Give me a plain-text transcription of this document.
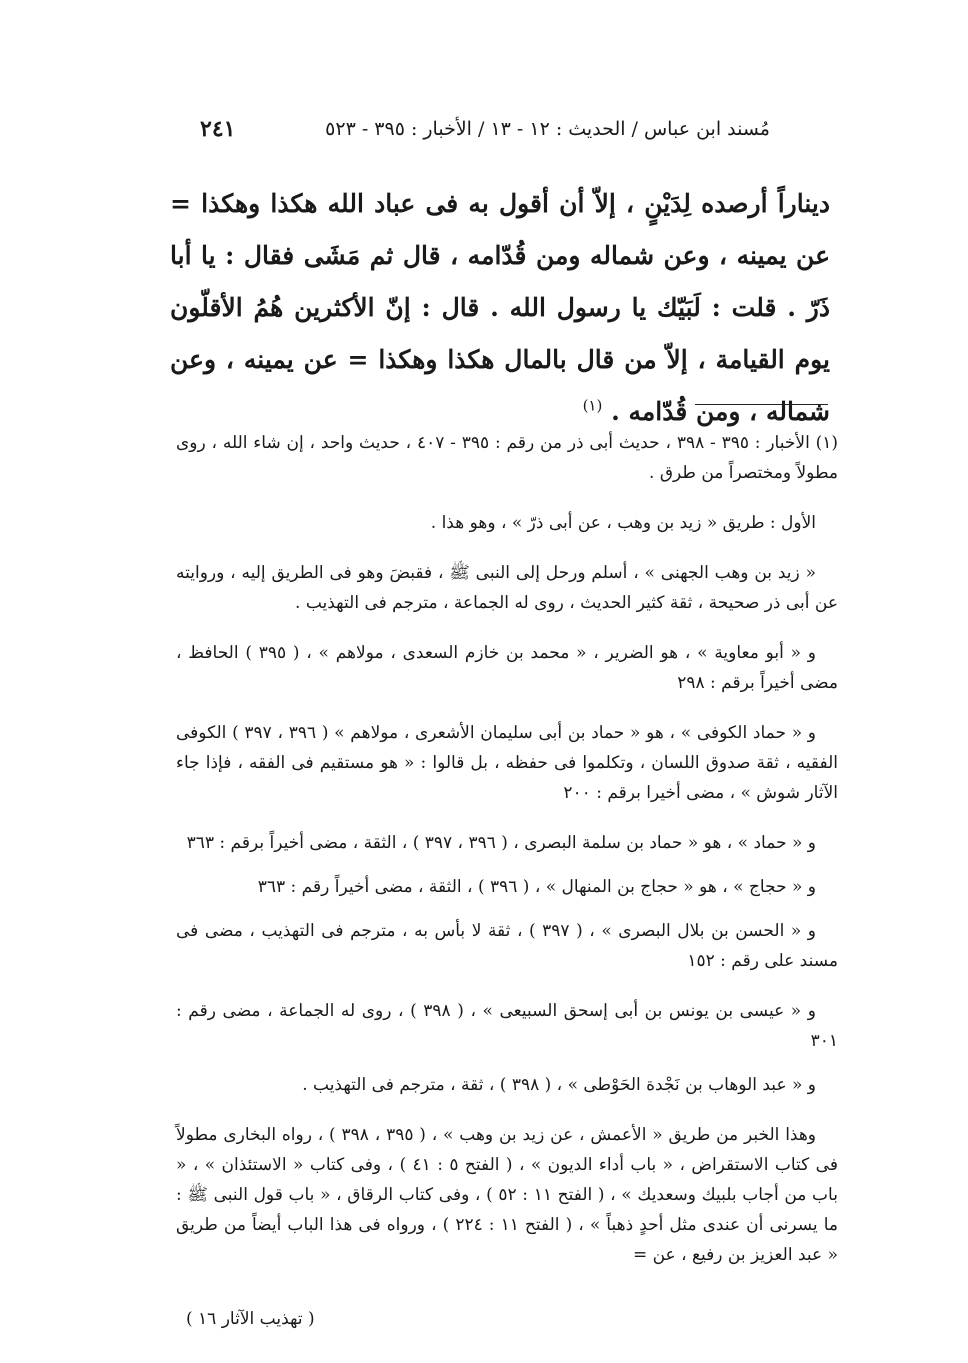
مُسند ابن عباس / الحديث : ١٢ - ١٣ / الأخبار : ٣٩٥ - ٥٢٣
٢٤١
ديناراً أرصده لِدَيْنٍ ، إلاّ أن أقول به فى عباد الله هكذا وهكذا = عن يمينه ، وعن شماله ومن قُدّامه ، قال ثم مَشَى فقال : يا أبا ذَرّ . قلت : لَبَيّك يا رسول الله . قال : إنّ الأكثرين هُمُ الأقلّون يوم القيامة ، إلاّ من قال بالمال هكذا وهكذا = عن يمينه ، وعن شماله ، ومن قُدّامه . $^{(١)}$

(١) الأخبار : ٣٩٥ - ٣٩٨ ، حديث أبى ذر من رقم : ٣٩٥ - ٤٠٧ ، حديث واحد ، إن شاء الله ، روى مطولاً ومختصراً من طرق .

الأول : طريق « زيد بن وهب ، عن أبى ذرّ » ، وهو هذا .

« زيد بن وهب الجهنى » ، أسلم ورحل إلى النبى ﷺ ، فقبضَ وهو فى الطريق إليه ، وروايته عن أبى ذر صحيحة ، ثقة كثير الحديث ، روى له الجماعة ، مترجم فى التهذيب .

و « أبو معاوية » ، هو الضرير ، « محمد بن خازم السعدى ، مولاهم » ، ( ٣٩٥ ) الحافظ ، مضى أخيراً برقم : ٢٩٨

و « حماد الكوفى » ، هو « حماد بن أبى سليمان الأشعرى ، مولاهم » ( ٣٩٦ ، ٣٩٧ ) الكوفى الفقيه ، ثقة صدوق اللسان ، وتكلموا فى حفظه ، بل قالوا : « هو مستقيم فى الفقه ، فإذا جاء الآثار شوش » ، مضى أخيرا برقم : ٢٠٠

و « حماد » ، هو « حماد بن سلمة البصرى ، ( ٣٩٦ ، ٣٩٧ ) ، الثقة ، مضى أخيراً برقم : ٣٦٣

و « حجاج » ، هو « حجاج بن المنهال » ، ( ٣٩٦ ) ، الثقة ، مضى أخيراً رقم : ٣٦٣

و « الحسن بن بلال البصرى » ، ( ٣٩٧ ) ، ثقة لا بأس به ، مترجم فى التهذيب ، مضى فى مسند على رقم : ١٥٢

و « عيسى بن يونس بن أبى إسحق السبيعى » ، ( ٣٩٨ ) ، روى له الجماعة ، مضى رقم : ٣٠١

و « عبد الوهاب بن نَجْدة الحَوْطى » ، ( ٣٩٨ ) ، ثقة ، مترجم فى التهذيب .

وهذا الخبر من طريق « الأعمش ، عن زيد بن وهب » ، ( ٣٩٥ ، ٣٩٨ ) ، رواه البخارى مطولاً فى كتاب الاستقراض ، « باب أداء الديون » ، ( الفتح ٥ : ٤١ ) ، وفى كتاب « الاستئذان » ، « باب من أجاب بلبيك وسعديك » ، ( الفتح ١١ : ٥٢ ) ، وفى كتاب الرقاق ، « باب قول النبى ﷺ : ما يسرنى أن عندى مثل أحدٍ ذهباً » ، ( الفتح ١١ : ٢٢٤ ) ، ورواه فى هذا الباب أيضاً من طريق « عبد العزيز بن رفيع ، عن =

( تهذيب الآثار ١٦ )
